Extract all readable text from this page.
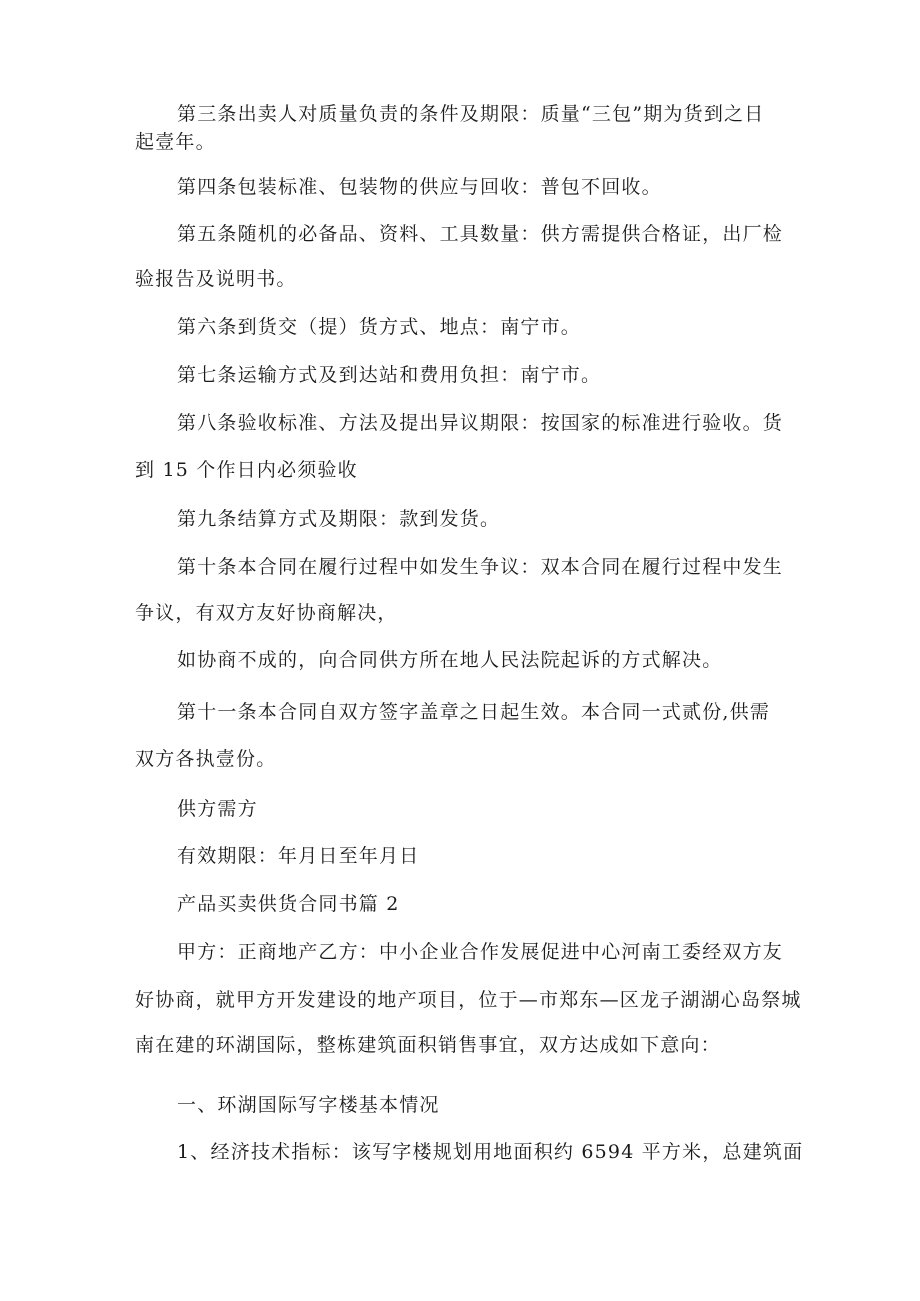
第三条出卖人对质量负责的条件及期限：质量“三包”期为货到之日
起壹年。
第四条包装标准、包装物的供应与回收：普包不回收。
第五条随机的必备品、资料、工具数量：供方需提供合格证，出厂检
验报告及说明书。
第六条到货交（提）货方式、地点：南宁市。
第七条运输方式及到达站和费用负担：南宁市。
第八条验收标准、方法及提出异议期限：按国家的标准进行验收。货
到 15 个作日内必须验收
第九条结算方式及期限：款到发货。
第十条本合同在履行过程中如发生争议：双本合同在履行过程中发生
争议，有双方友好协商解决，
如协商不成的，向合同供方所在地人民法院起诉的方式解决。
第十一条本合同自双方签字盖章之日起生效。本合同一式贰份,供需
双方各执壹份。
供方需方
有效期限：年月日至年月日
产品买卖供货合同书篇 2
甲方：正商地产乙方：中小企业合作发展促进中心河南工委经双方友
好协商，就甲方开发建设的地产项目，位于—市郑东—区龙子湖湖心岛祭城
南在建的环湖国际，整栋建筑面积销售事宜，双方达成如下意向：
一、环湖国际写字楼基本情况
1、经济技术指标：该写字楼规划用地面积约 6594 平方米，总建筑面
